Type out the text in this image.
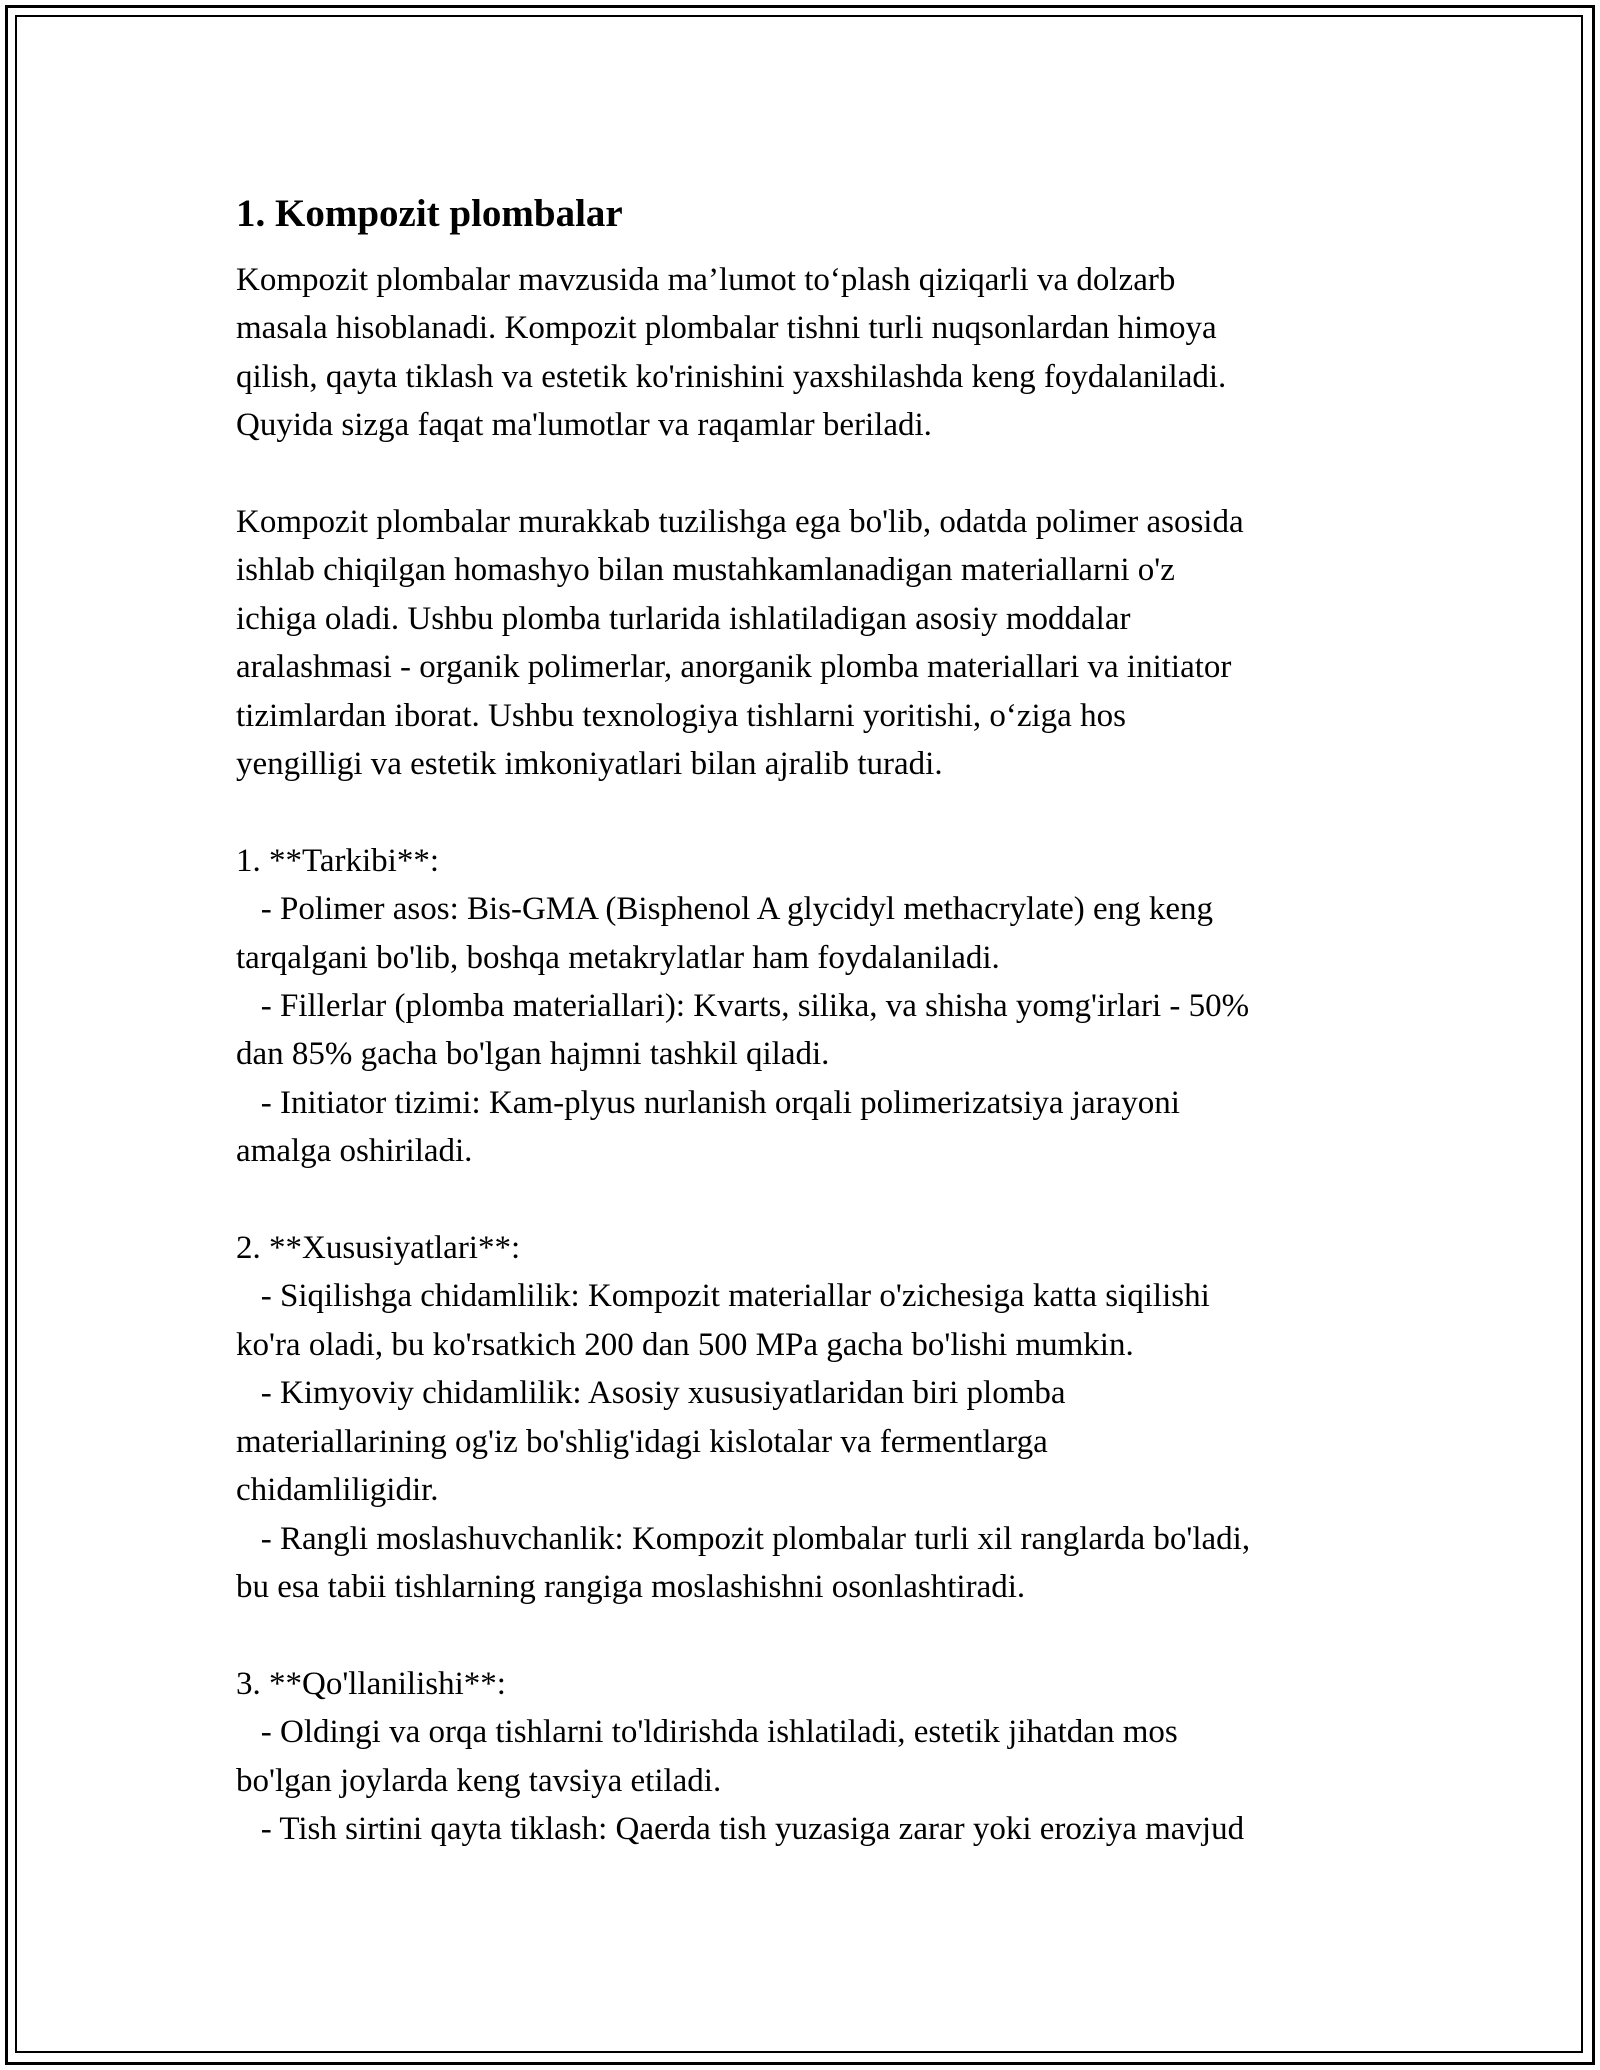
1. Kompozit plombalar

Kompozit plombalar mavzusida ma’lumot to‘plash qiziqarli va dolzarb
masala hisoblanadi. Kompozit plombalar tishni turli nuqsonlardan himoya
qilish, qayta tiklash va estetik ko'rinishini yaxshilashda keng foydalaniladi.
Quyida sizga faqat ma'lumotlar va raqamlar beriladi.

Kompozit plombalar murakkab tuzilishga ega bo'lib, odatda polimer asosida
ishlab chiqilgan homashyo bilan mustahkamlanadigan materiallarni o'z
ichiga oladi. Ushbu plomba turlarida ishlatiladigan asosiy moddalar
aralashmasi - organik polimerlar, anorganik plomba materiallari va initiator
tizimlardan iborat. Ushbu texnologiya tishlarni yoritishi, o‘ziga hos
yengilligi va estetik imkoniyatlari bilan ajralib turadi.

1. **Tarkibi**:

- Polimer asos: Bis-GMA (Bisphenol A glycidyl methacrylate) eng keng
tarqalgani bo'lib, boshqa metakrylatlar ham foydalaniladi.

- Fillerlar (plomba materiallari): Kvarts, silika, va shisha yomg'irlari - 50%
dan 85% gacha bo'lgan hajmni tashkil qiladi.

- Initiator tizimi: Kam-plyus nurlanish orqali polimerizatsiya jarayoni
amalga oshiriladi.

2. **Xususiyatlari**:

- Siqilishga chidamlilik: Kompozit materiallar o'zichesiga katta siqilishi
ko'ra oladi, bu ko'rsatkich 200 dan 500 MPa gacha bo'lishi mumkin.

- Kimyoviy chidamlilik: Asosiy xususiyatlaridan biri plomba
materiallarining og'iz bo'shlig'idagi kislotalar va fermentlarga
chidamliligidir.

- Rangli moslashuvchanlik: Kompozit plombalar turli xil ranglarda bo'ladi,
bu esa tabii tishlarning rangiga moslashishni osonlashtiradi.

3. **Qo'llanilishi**:

- Oldingi va orqa tishlarni to'ldirishda ishlatiladi, estetik jihatdan mos
bo'lgan joylarda keng tavsiya etiladi.

- Tish sirtini qayta tiklash: Qaerda tish yuzasiga zarar yoki eroziya mavjud
